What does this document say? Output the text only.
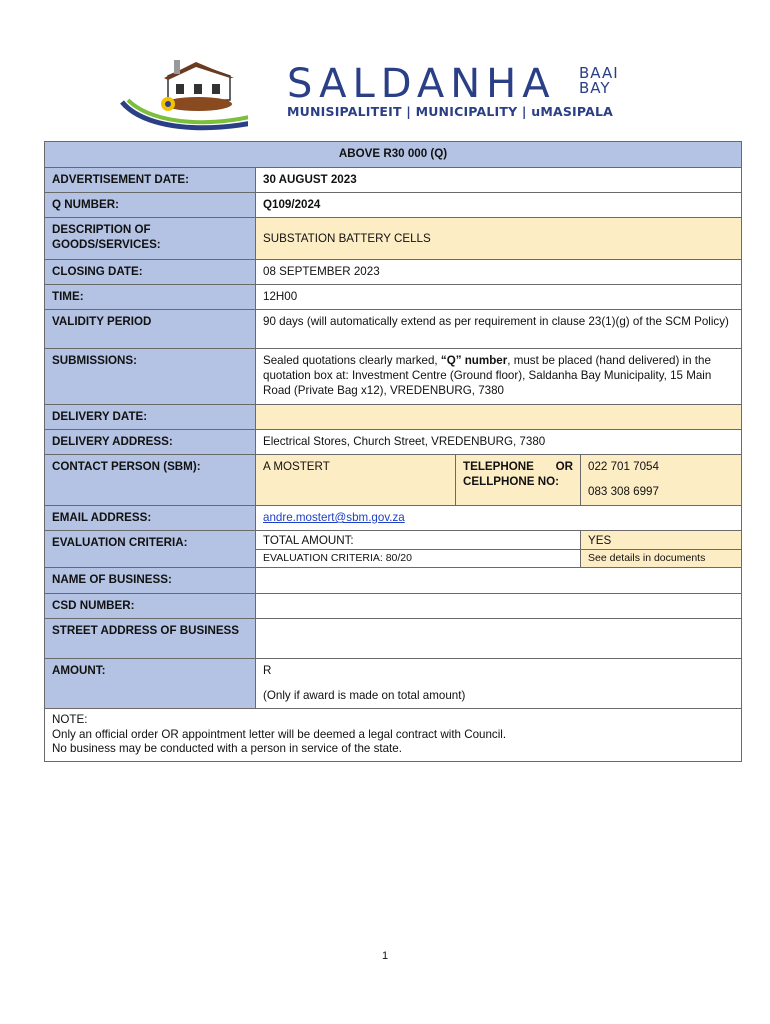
SALDANHA	BAAI
BAY
MUNISIPALITEIT | MUNICIPALITY | uMASIPALA
ABOVE R30 000 (Q)			
ADVERTISEMENT DATE:	30 AUGUST 2023		
Q NUMBER:	Q109/2024		
DESCRIPTION OF GOODS/SERVICES:	SUBSTATION BATTERY CELLS		
CLOSING DATE:	08 SEPTEMBER 2023		
TIME:	12H00		
VALIDITY PERIOD	90 days (will automatically extend as per requirement in clause 23(1)(g) of the SCM Policy)		
SUBMISSIONS:	Sealed quotations clearly marked, “Q” number, must be placed (hand delivered) in the quotation box at: Investment Centre (Ground floor), Saldanha Bay Municipality, 15 Main Road (Private Bag x12), VREDENBURG, 7380		
DELIVERY DATE:			
DELIVERY ADDRESS:	Electrical Stores, Church Street, VREDENBURG, 7380		
CONTACT PERSON (SBM):	A MOSTERT	TELEPHONE OR CELLPHONE NO:	022 701 7054
083 308 6997

EMAIL ADDRESS:	andre.mostert@sbm.gov.za		
EVALUATION CRITERIA:	TOTAL AMOUNT:		YES
	EVALUATION CRITERIA: 80/20		See details in documents
NAME OF BUSINESS:			
CSD NUMBER:			
STREET ADDRESS OF BUSINESS			
AMOUNT:	R
(Only if award is made on total amount)		

NOTE:
Only an official order OR appointment letter will be deemed a legal contract with Council.
No business may be conducted with a person in service of the state.			
1
